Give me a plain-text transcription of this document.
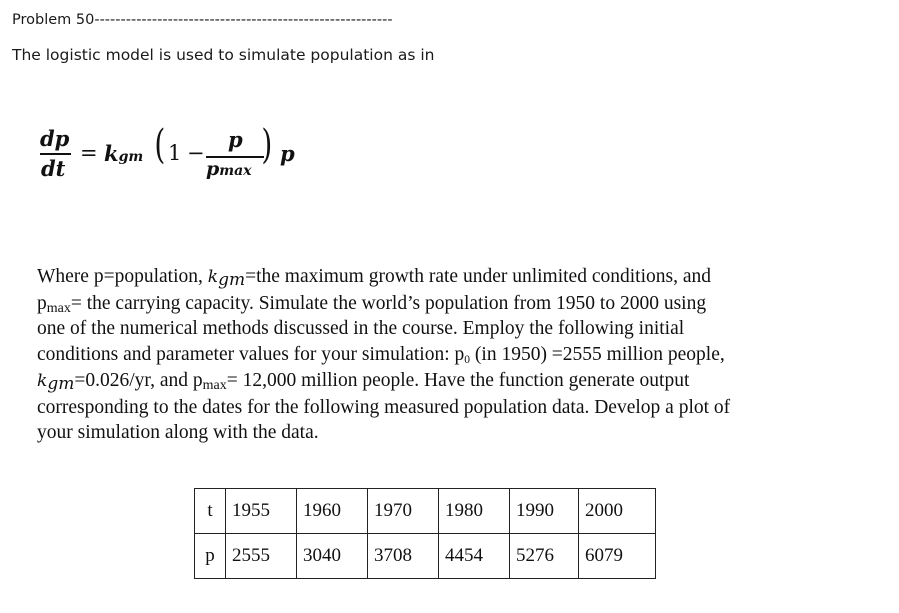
Problem 50---------------------------------------------------------
The logistic model is used to simulate population as in
dp
dt
= kgm ( 1 −
p
pmax
) p
Where p=population, $k_{gm}=the$ maximum growth rate under unlimited conditions, and
$p_{max}=$ the carrying capacity. Simulate the world’s population from 1950 to 2000 using
one of the numerical methods discussed in the course. Employ the following initial
conditions and parameter values for your simulation: $p_0$ (in 1950) =2555 million people,
$k_{gm}=0.026/yr$, and $p_{max}= 12,000$ million people. Have the function generate output
corresponding to the dates for the following measured population data. Develop a plot of
your simulation along with the data.
t	1955	1960	1970	1980	1990	2000
p	2555	3040	3708	4454	5276	6079
